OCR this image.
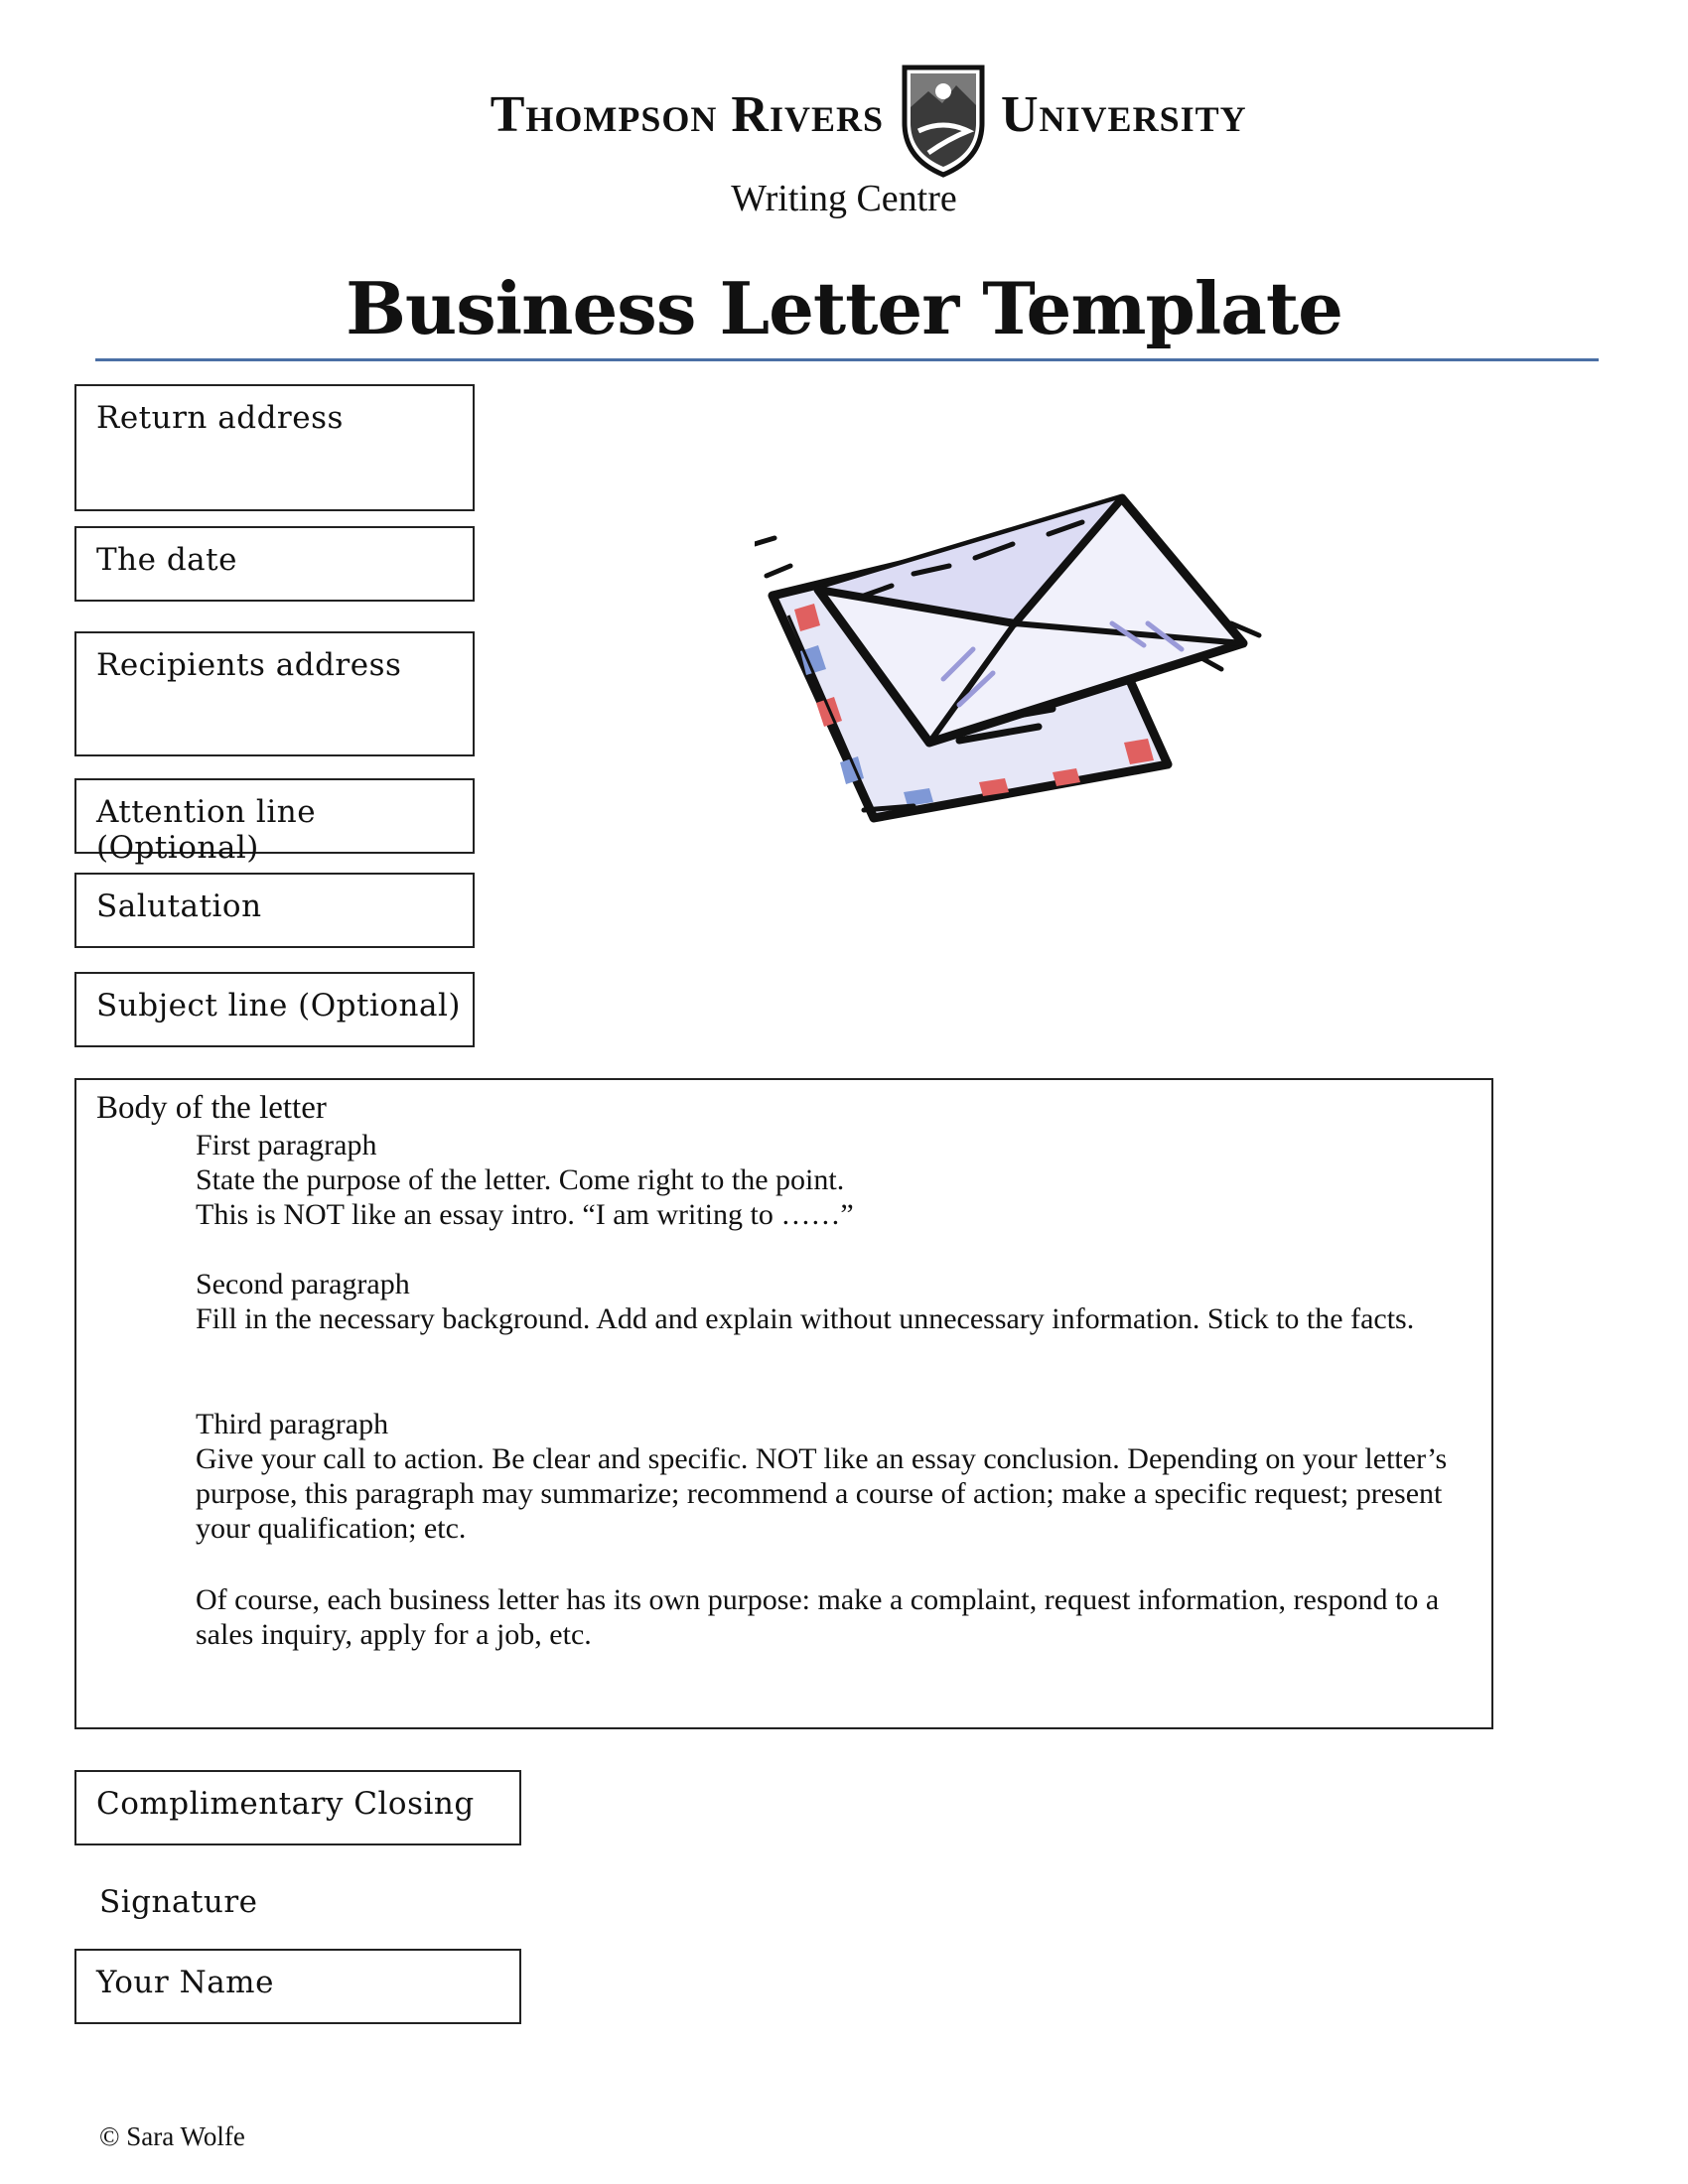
Thompson Rivers University
Writing Centre
Business Letter Template
Return address
The date
Recipients address
Attention line (Optional)
Salutation
Subject line (Optional)
Body of the letter
First paragraph
State the purpose of the letter. Come right to the point. This is NOT like an essay intro. “I am writing to ……”
Second paragraph
Fill in the necessary background. Add and explain without unnecessary information. Stick to the facts.
Third paragraph
Give your call to action. Be clear and specific. NOT like an essay conclusion. Depending on your letter’s purpose, this paragraph may summarize; recommend a course of action; make a specific request; present your qualification; etc.
Of course, each business letter has its own purpose: make a complaint, request information, respond to a sales inquiry, apply for a job, etc.
Complimentary Closing
Signature
Your Name
© Sara Wolfe
